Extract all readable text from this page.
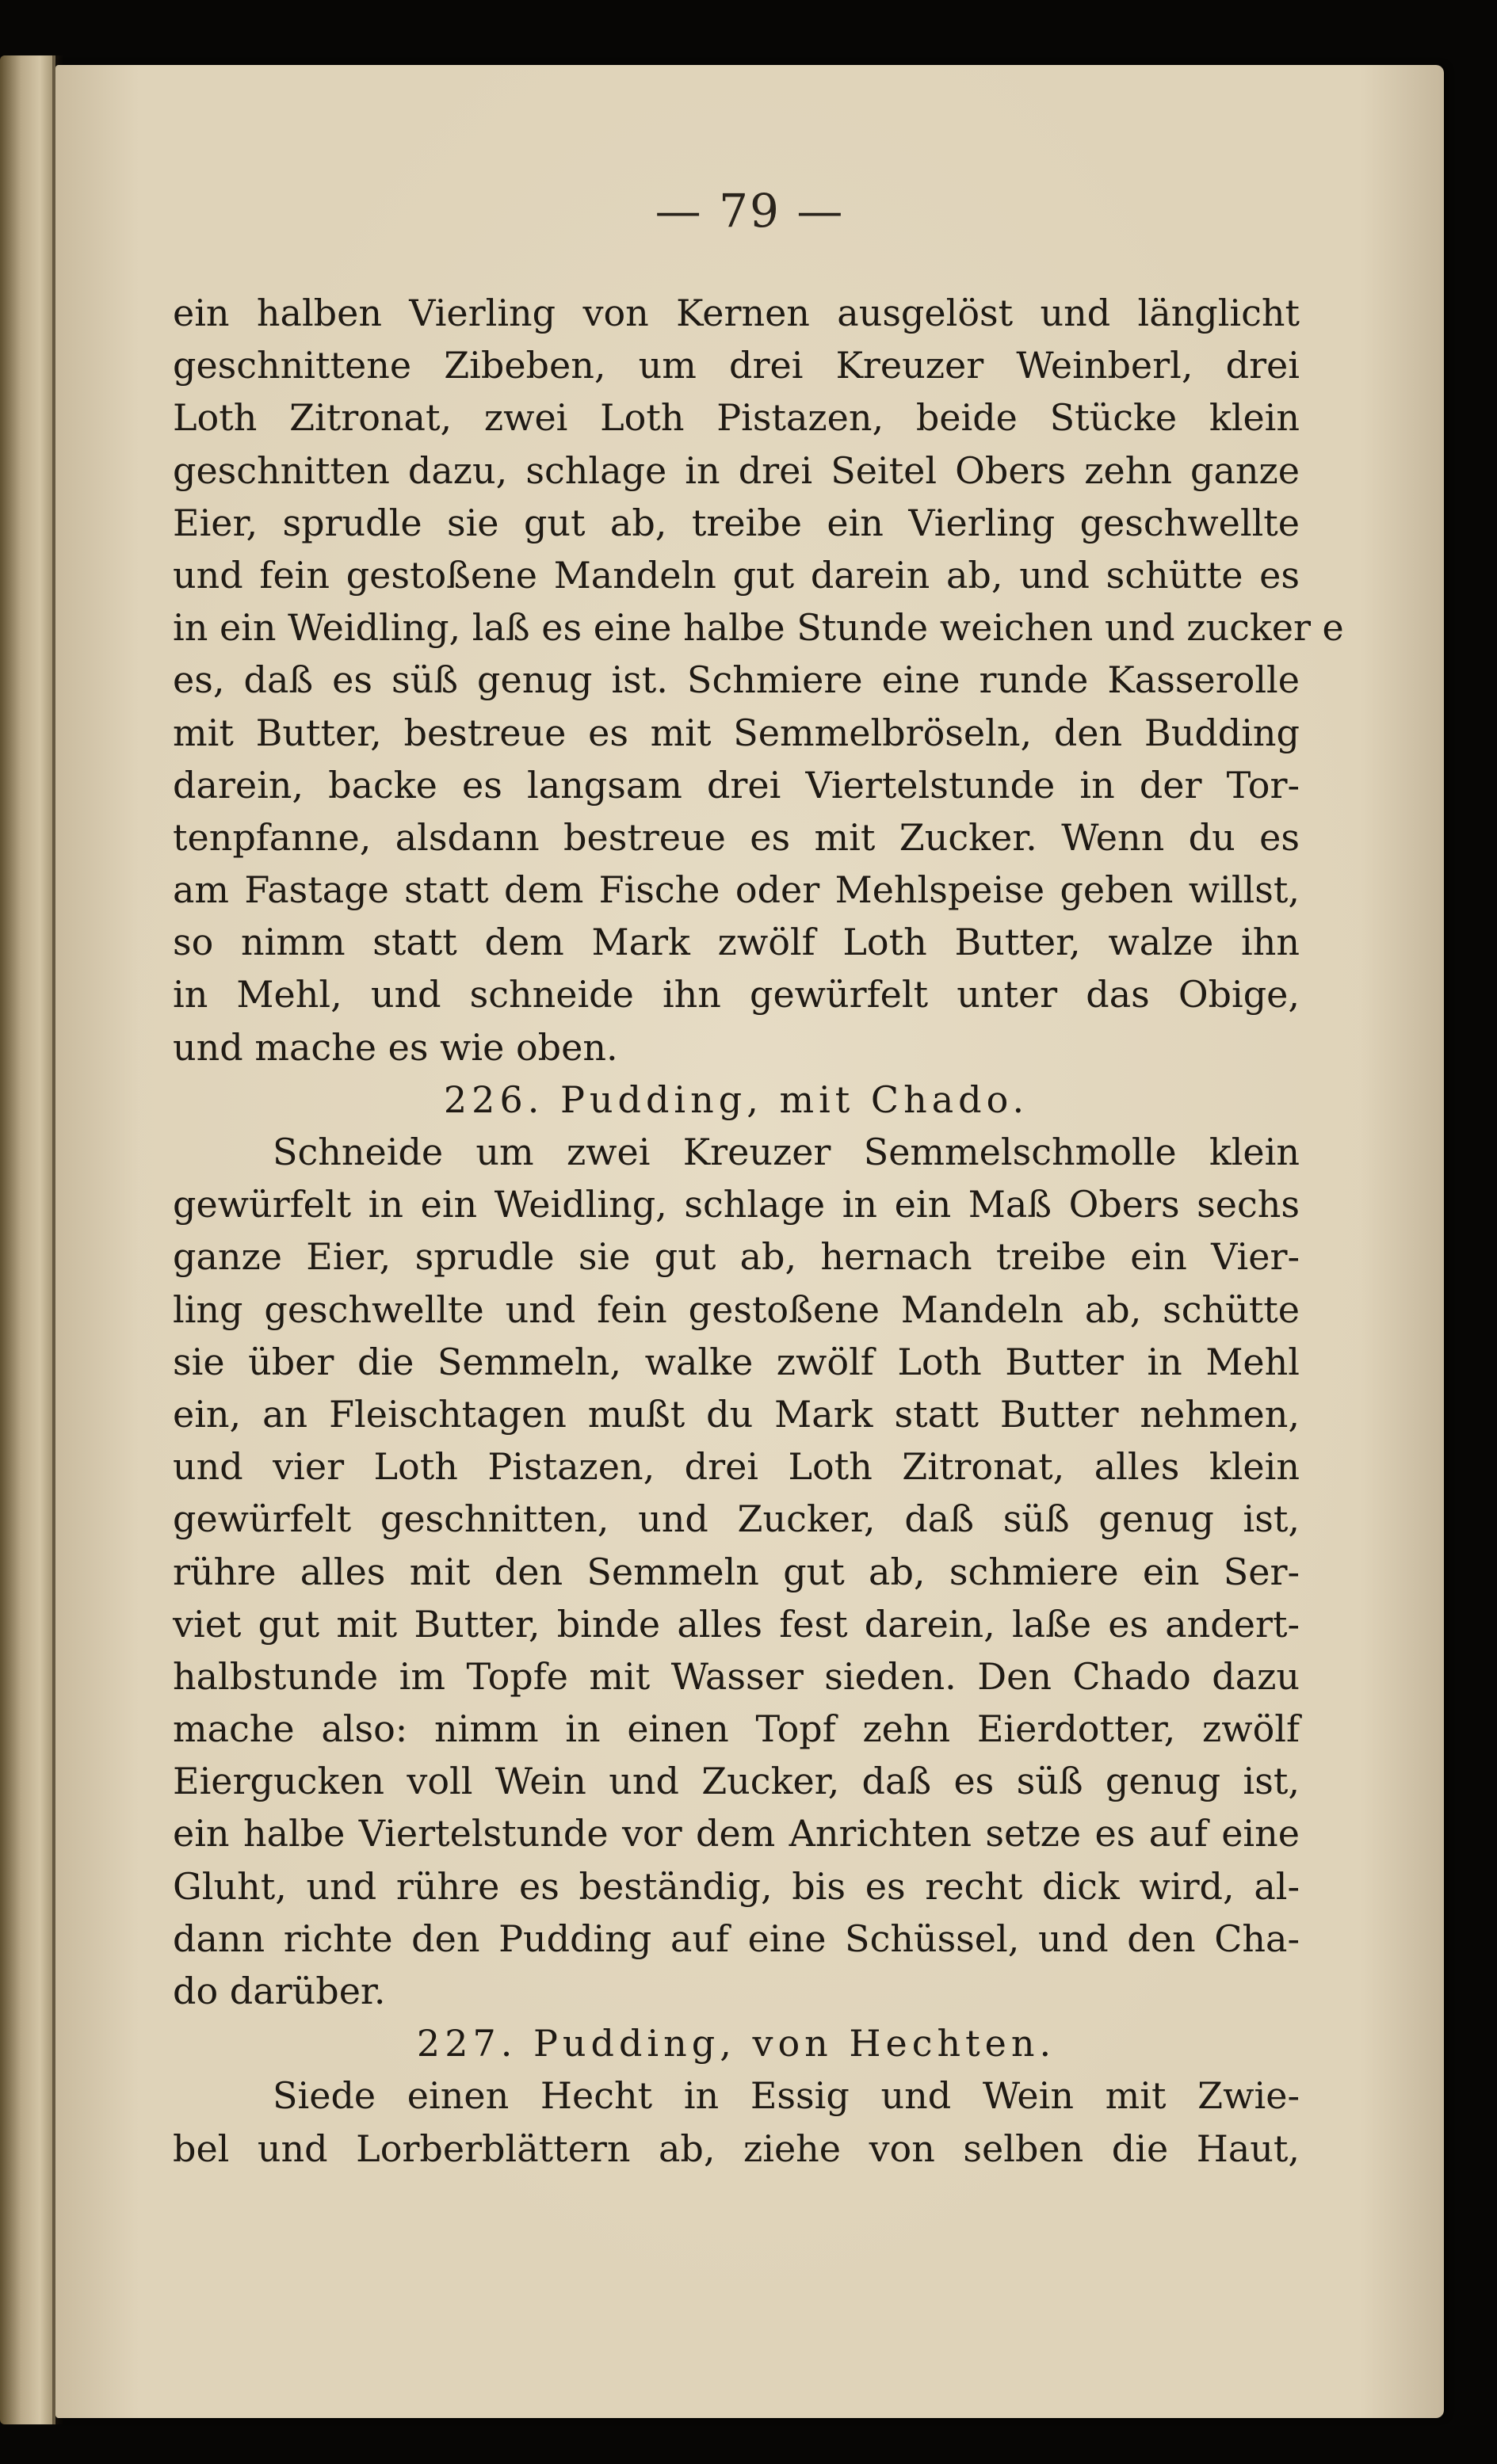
— 79 —
ein halben Vierling von Kernen ausgelöst und länglicht
geschnittene Zibeben, um drei Kreuzer Weinberl, drei
Loth Zitronat, zwei Loth Pistazen, beide Stücke klein
geschnitten dazu, schlage in drei Seitel Obers zehn ganze
Eier, sprudle sie gut ab, treibe ein Vierling geschwellte
und fein gestoßene Mandeln gut darein ab, und schütte es
in ein Weidling, laß es eine halbe Stunde weichen und zucker e
es, daß es süß genug ist. Schmiere eine runde Kasserolle
mit Butter, bestreue es mit Semmelbröseln, den Budding
darein, backe es langsam drei Viertelstunde in der Tor-
tenpfanne, alsdann bestreue es mit Zucker. Wenn du es
am Fastage statt dem Fische oder Mehlspeise geben willst,
so nimm statt dem Mark zwölf Loth Butter, walze ihn
in Mehl, und schneide ihn gewürfelt unter das Obige,
und mache es wie oben.
226. Pudding, mit Chado.
Schneide um zwei Kreuzer Semmelschmolle klein
gewürfelt in ein Weidling, schlage in ein Maß Obers sechs
ganze Eier, sprudle sie gut ab, hernach treibe ein Vier-
ling geschwellte und fein gestoßene Mandeln ab, schütte
sie über die Semmeln, walke zwölf Loth Butter in Mehl
ein, an Fleischtagen mußt du Mark statt Butter nehmen,
und vier Loth Pistazen, drei Loth Zitronat, alles klein
gewürfelt geschnitten, und Zucker, daß süß genug ist,
rühre alles mit den Semmeln gut ab, schmiere ein Ser-
viet gut mit Butter, binde alles fest darein, laße es andert-
halbstunde im Topfe mit Wasser sieden. Den Chado dazu
mache also: nimm in einen Topf zehn Eierdotter, zwölf
Eiergucken voll Wein und Zucker, daß es süß genug ist,
ein halbe Viertelstunde vor dem Anrichten setze es auf eine
Gluht, und rühre es beständig, bis es recht dick wird, al-
dann richte den Pudding auf eine Schüssel, und den Cha-
do darüber.
227. Pudding, von Hechten.
Siede einen Hecht in Essig und Wein mit Zwie-
bel und Lorberblättern ab, ziehe von selben die Haut,
